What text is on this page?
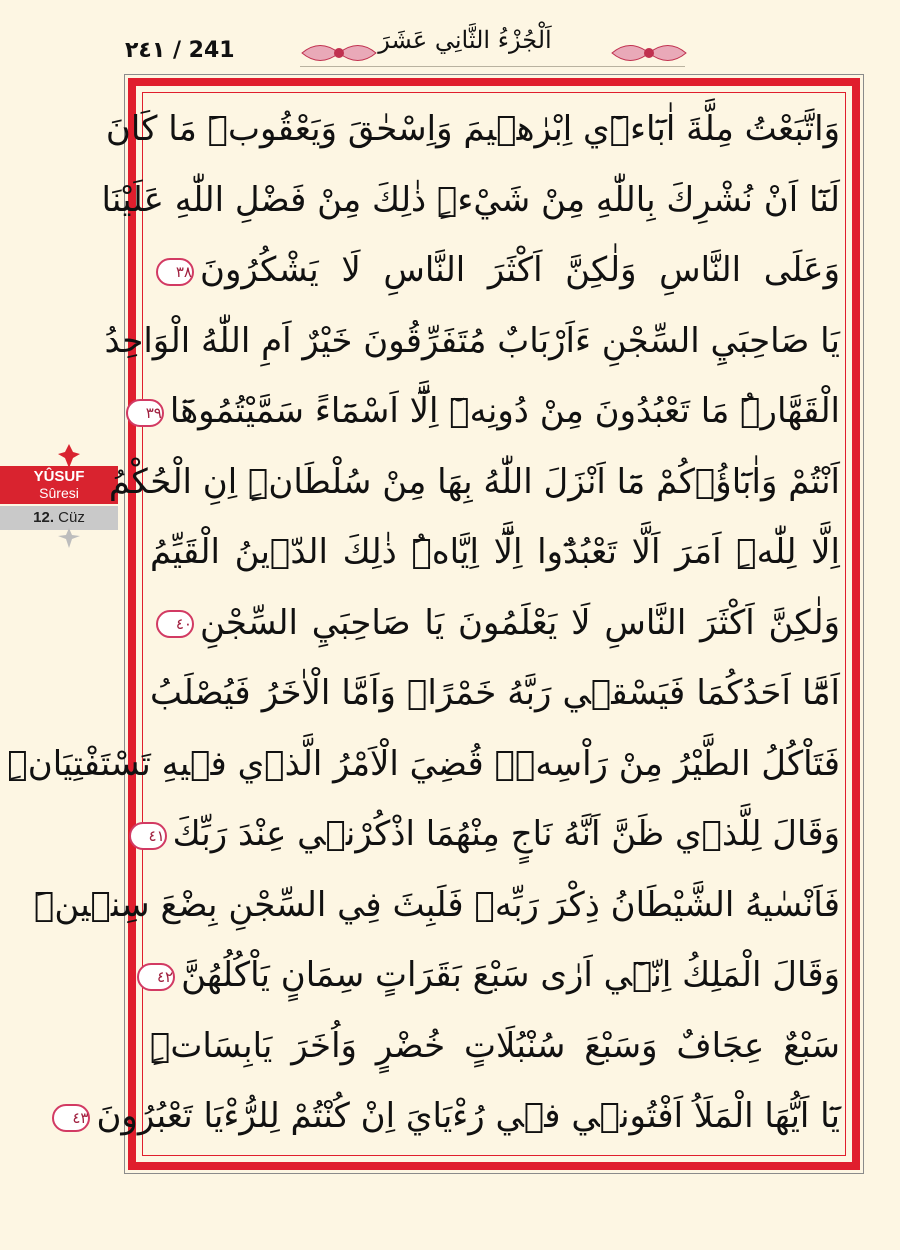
٢٤١ / 241	اَلْجُزْءُ الثَّانِي عَشَرَ
YÛSUF
Sûresi
12. Cüz
وَاتَّبَعْتُ مِلَّةَ اٰبَٓاءٖٓي اِبْرٰهٖيمَ وَاِسْحٰقَ وَيَعْقُوبَۜ مَا كَانَ
لَنَٓا اَنْ نُشْرِكَ بِاللّٰهِ مِنْ شَيْءٍۜ ذٰلِكَ مِنْ فَضْلِ اللّٰهِ عَلَيْنَا
وَعَلَى النَّاسِ وَلٰكِنَّ اَكْثَرَ النَّاسِ لَا يَشْكُرُونَ٣٨
يَا صَاحِبَيِ السِّجْنِ ءَاَرْبَابٌ مُتَفَرِّقُونَ خَيْرٌ اَمِ اللّٰهُ الْوَاحِدُ
الْقَهَّارُۜ مَا تَعْبُدُونَ مِنْ دُونِهٖٓ اِلَّٓا اَسْمَٓاءً سَمَّيْتُمُوهَٓا٣٩
اَنْتُمْ وَاٰبَٓاؤُ۬كُمْ مَٓا اَنْزَلَ اللّٰهُ بِهَا مِنْ سُلْطَانٍۜ اِنِ الْحُكْمُ
اِلَّا لِلّٰهِۜ اَمَرَ اَلَّا تَعْبُدُٓوا اِلَّٓا اِيَّاهُۜ ذٰلِكَ الدّٖينُ الْقَيِّمُ
وَلٰكِنَّ اَكْثَرَ النَّاسِ لَا يَعْلَمُونَ يَا صَاحِبَيِ السِّجْنِ٤٠
اَمَّٓا اَحَدُكُمَا فَيَسْقٖي رَبَّهُ خَمْرًاۚ وَاَمَّا الْاٰخَرُ فَيُصْلَبُ
فَتَاْكُلُ الطَّيْرُ مِنْ رَاْسِهٖۜ قُضِيَ الْاَمْرُ الَّذٖي فٖيهِ تَسْتَفْتِيَانِۜ
وَقَالَ لِلَّذٖي ظَنَّ اَنَّهُ نَاجٍ مِنْهُمَا اذْكُرْنٖي عِنْدَ رَبِّكَ٤١
فَاَنْسٰيهُ الشَّيْطَانُ ذِكْرَ رَبِّهٖ فَلَبِثَ فِي السِّجْنِ بِضْعَ سِنٖينَۜ
وَقَالَ الْمَلِكُ اِنّٖٓي اَرٰى سَبْعَ بَقَرَاتٍ سِمَانٍ يَاْكُلُهُنَّ٤٢
سَبْعٌ عِجَافٌ وَسَبْعَ سُنْبُلَاتٍ خُضْرٍ وَاُخَرَ يَابِسَاتٍۜ
يَٓا اَيُّهَا الْمَلَاُ اَفْتُونٖي فٖي رُءْيَايَ اِنْ كُنْتُمْ لِلرُّءْيَا تَعْبُرُونَ٤٣
